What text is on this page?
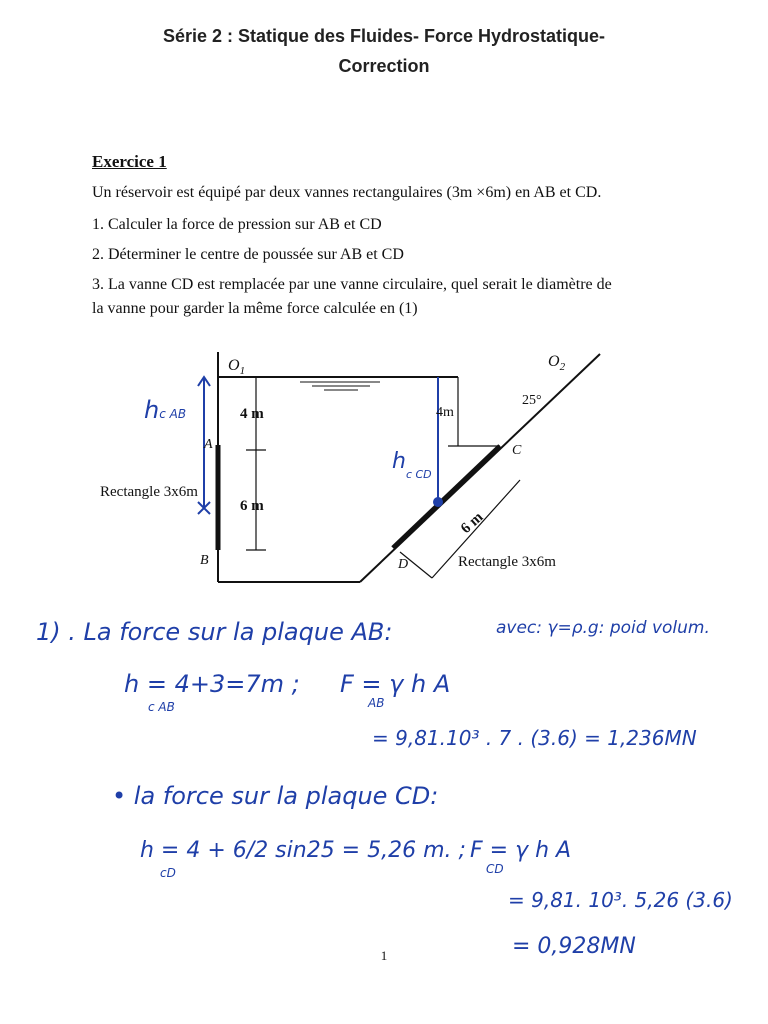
Série 2 : Statique des Fluides- Force Hydrostatique-
Correction
Exercice 1
Un réservoir est équipé par deux vannes rectangulaires (3m ×6m) en AB et CD.
1. Calculer la force de pression sur AB et CD
2. Déterminer le centre de poussée sur AB et CD
3. La vanne CD est remplacée par une vanne circulaire, quel serait le diamètre de
la vanne pour garder la même force calculée en (1)
$O_1$
$O_2$
A
B
C
D
4 m
6 m
4m
6 m
25°
Rectangle 3x6m
Rectangle 3x6m
hc AB
$h_{c CD}$
1) . La force sur la plaque AB:	avec: γ=ρ.g: poid volum.
h = 4+3=7m ;
c AB
F = γ h A
AB
= 9,81.10³ . 7 . (3.6) = 1,236MN
• la force sur la plaque CD:
h = 4 + 6/2 sin25 = 5,26 m. ;
cD
F = γ h A
CD
= 9,81. 10³. 5,26 (3.6)
= 0,928MN
1
